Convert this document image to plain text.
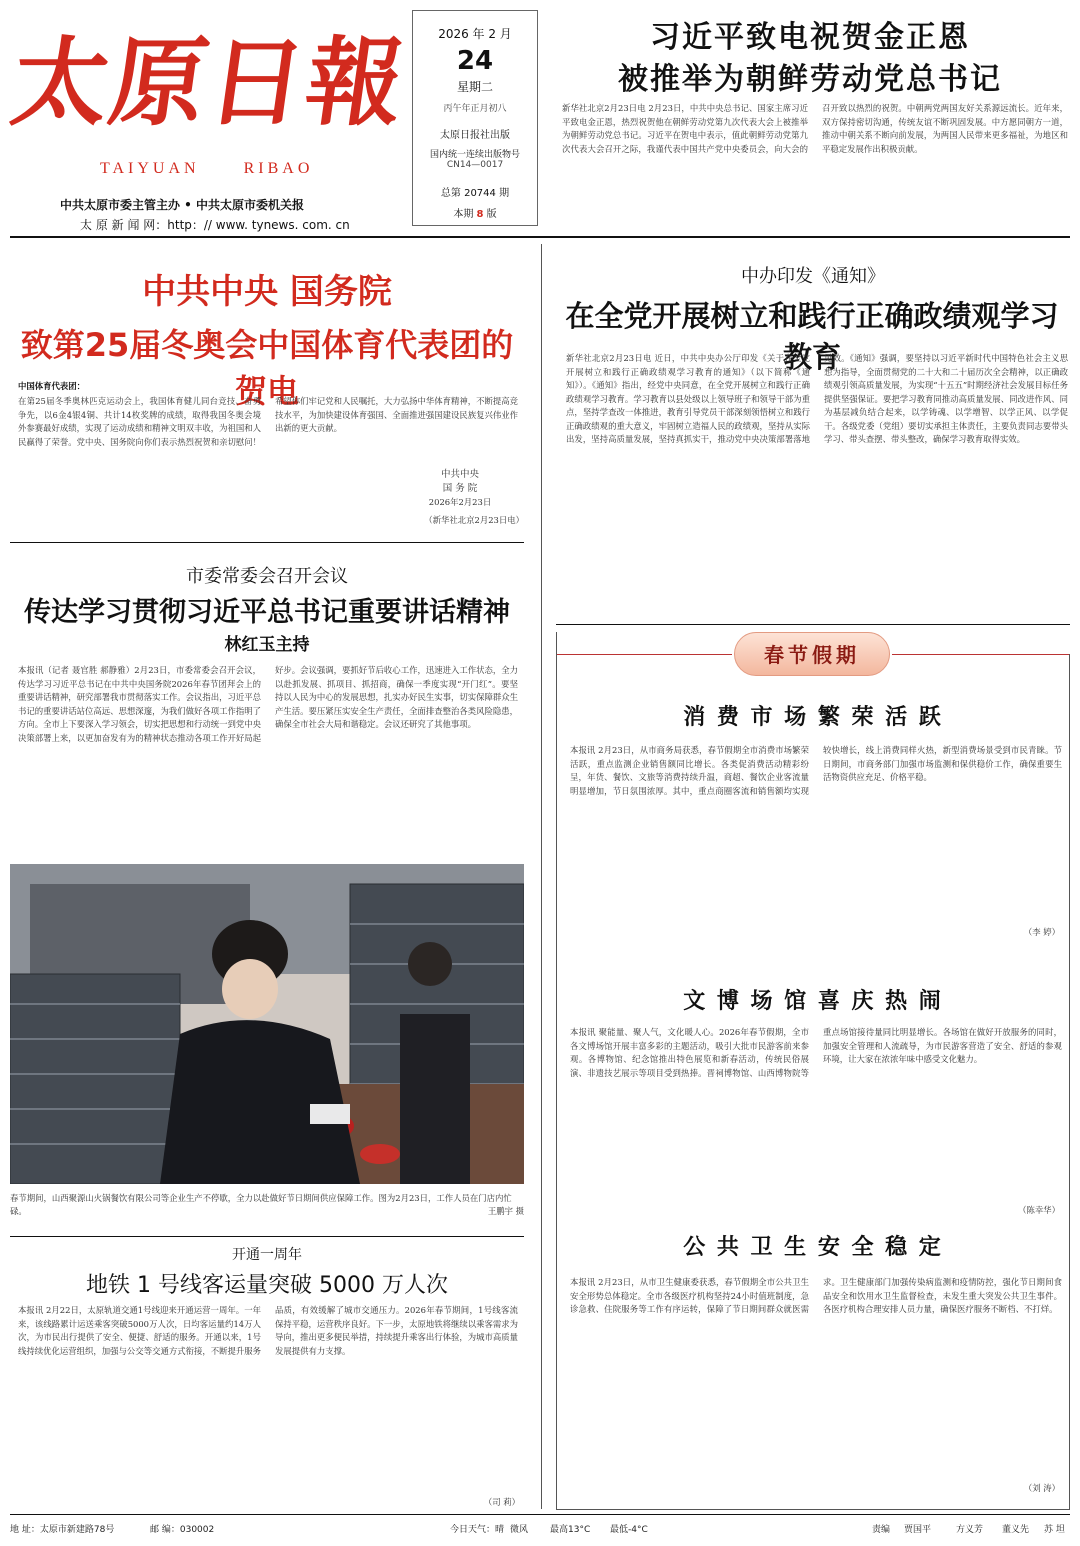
太原日報
TAIYUAN	RIBAO
中共太原市委主管主办 • 中共太原市委机关报
太 原 新 闻 网：http：// www. tynews. com. cn
2026 年 2 月
24
星期二
丙午年正月初八
太原日报社出版
国内统一连续出版物号
CN14—0017
总第 20744 期
本期 8 版
习近平致电祝贺金正恩
被推举为朝鲜劳动党总书记
新华社北京2月23日电 2月23日，中共中央总书记、国家主席习近平致电金正恩，热烈祝贺他在朝鲜劳动党第九次代表大会上被推举为朝鲜劳动党总书记。习近平在贺电中表示，值此朝鲜劳动党第九次代表大会召开之际，我谨代表中国共产党中央委员会，向大会的召开致以热烈的祝贺。中朝两党两国友好关系源远流长。近年来，双方保持密切沟通，传统友谊不断巩固发展。中方愿同朝方一道，推动中朝关系不断向前发展，为两国人民带来更多福祉，为地区和平稳定发展作出积极贡献。
中共中央 国务院
致第25届冬奥会中国体育代表团的贺电
中国体育代表团：
在第25届冬季奥林匹克运动会上，我国体育健儿同台竞技、奋勇争先，以6金4银4铜、共计14枚奖牌的成绩，取得我国冬奥会境外参赛最好成绩，实现了运动成绩和精神文明双丰收，为祖国和人民赢得了荣誉。党中央、国务院向你们表示热烈祝贺和亲切慰问！希望你们牢记党和人民嘱托，大力弘扬中华体育精神，不断提高竞技水平，为加快建设体育强国、全面推进强国建设民族复兴伟业作出新的更大贡献。
中共中央
国 务 院
2026年2月23日
（新华社北京2月23日电）
中办印发《通知》
在全党开展树立和践行正确政绩观学习教育
新华社北京2月23日电 近日，中共中央办公厅印发《关于在全党开展树立和践行正确政绩观学习教育的通知》（以下简称《通知》）。《通知》指出，经党中央同意，在全党开展树立和践行正确政绩观学习教育。学习教育以县处级以上领导班子和领导干部为重点，坚持学查改一体推进，教育引导党员干部深刻领悟树立和践行正确政绩观的重大意义，牢固树立造福人民的政绩观，坚持从实际出发，坚持高质量发展，坚持真抓实干，推动党中央决策部署落地见效。《通知》强调，要坚持以习近平新时代中国特色社会主义思想为指导，全面贯彻党的二十大和二十届历次全会精神，以正确政绩观引领高质量发展，为实现“十五五”时期经济社会发展目标任务提供坚强保证。要把学习教育同推动高质量发展、同改进作风、同为基层减负结合起来，以学铸魂、以学增智、以学正风、以学促干。各级党委（党组）要切实承担主体责任，主要负责同志要带头学习、带头查摆、带头整改，确保学习教育取得实效。
市委常委会召开会议
传达学习贯彻习近平总书记重要讲话精神
林红玉主持
本报讯（记者 聂官胜 郝静雅）2月23日，市委常委会召开会议，传达学习习近平总书记在中共中央国务院2026年春节团拜会上的重要讲话精神，研究部署我市贯彻落实工作。会议指出，习近平总书记的重要讲话站位高远、思想深邃，为我们做好各项工作指明了方向。全市上下要深入学习领会，切实把思想和行动统一到党中央决策部署上来，以更加奋发有为的精神状态推动各项工作开好局起好步。会议强调，要抓好节后收心工作，迅速进入工作状态，全力以赴抓发展、抓项目、抓招商，确保一季度实现“开门红”。要坚持以人民为中心的发展思想，扎实办好民生实事，切实保障群众生产生活。要压紧压实安全生产责任，全面排查整治各类风险隐患，确保全市社会大局和谐稳定。会议还研究了其他事项。
春节期间，山西聚源山火锅餐饮有限公司等企业生产不停歇，全力以赴做好节日期间供应保障工作。图为2月23日，工作人员在门店内忙碌。	王鹏宇 摄
开通一周年
地铁 1 号线客运量突破 5000 万人次
本报讯 2月22日，太原轨道交通1号线迎来开通运营一周年。一年来，该线路累计运送乘客突破5000万人次，日均客运量约14万人次，为市民出行提供了安全、便捷、舒适的服务。开通以来，1号线持续优化运营组织，加强与公交等交通方式衔接，不断提升服务品质，有效缓解了城市交通压力。2026年春节期间，1号线客流保持平稳，运营秩序良好。下一步，太原地铁将继续以乘客需求为导向，推出更多便民举措，持续提升乘客出行体验，为城市高质量发展提供有力支撑。
（司 莉）
春节假期
消 费 市 场 繁 荣 活 跃
本报讯 2月23日，从市商务局获悉，春节假期全市消费市场繁荣活跃，重点监测企业销售额同比增长。各类促消费活动精彩纷呈，年货、餐饮、文旅等消费持续升温，商超、餐饮企业客流量明显增加，节日氛围浓厚。其中，重点商圈客流和销售额均实现较快增长，线上消费同样火热，新型消费场景受到市民青睐。节日期间，市商务部门加强市场监测和保供稳价工作，确保重要生活物资供应充足、价格平稳。
（李 婷）
文 博 场 馆 喜 庆 热 闹
本报讯 聚能量、聚人气，文化暖人心。2026年春节假期，全市各文博场馆开展丰富多彩的主题活动，吸引大批市民游客前来参观。各博物馆、纪念馆推出特色展览和新春活动，传统民俗展演、非遗技艺展示等项目受到热捧。晋祠博物馆、山西博物院等重点场馆接待量同比明显增长。各场馆在做好开放服务的同时，加强安全管理和人流疏导，为市民游客营造了安全、舒适的参观环境，让大家在浓浓年味中感受文化魅力。
（陈幸华）
公 共 卫 生 安 全 稳 定
本报讯 2月23日，从市卫生健康委获悉，春节假期全市公共卫生安全形势总体稳定。全市各级医疗机构坚持24小时值班制度，急诊急救、住院服务等工作有序运转，保障了节日期间群众就医需求。卫生健康部门加强传染病监测和疫情防控，强化节日期间食品安全和饮用水卫生监督检查，未发生重大突发公共卫生事件。各医疗机构合理安排人员力量，确保医疗服务不断档、不打烊。
（刘 涛）
地 址：太原市新建路78号	邮 编：030002	今日天气：晴 微风 最高13°C 最低-4°C	责编 贾国平	方义芳 董义先 苏 坦
